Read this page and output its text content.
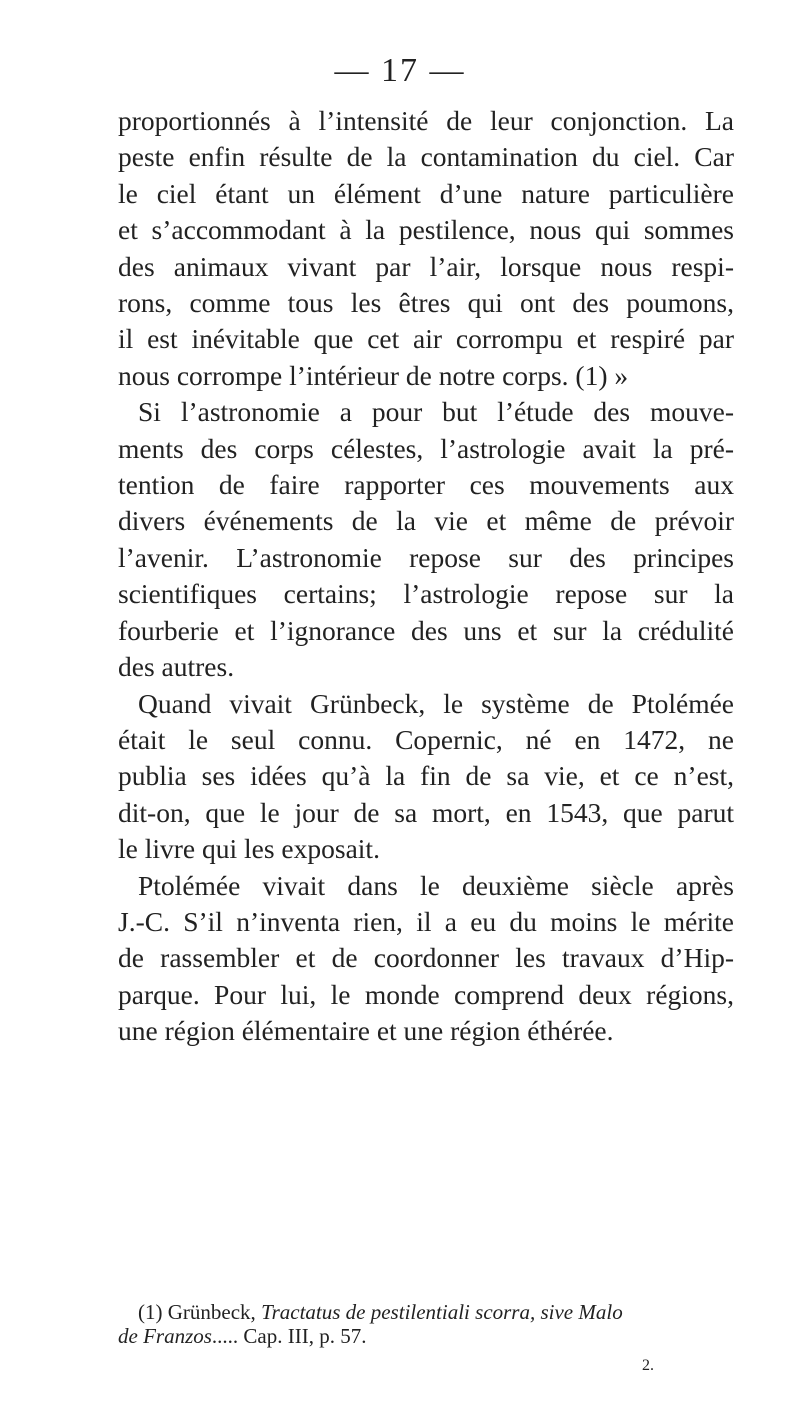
— 17 —
proportionnés à l’intensité de leur conjonction. La
peste enfin résulte de la contamination du ciel. Car
le ciel étant un élément d’une nature particulière
et s’accommodant à la pestilence, nous qui sommes
des animaux vivant par l’air, lorsque nous respi-
rons, comme tous les êtres qui ont des poumons,
il est inévitable que cet air corrompu et respiré par
nous corrompe l’intérieur de notre corps. (1) »
Si l’astronomie a pour but l’étude des mouve-
ments des corps célestes, l’astrologie avait la pré-
tention de faire rapporter ces mouvements aux
divers événements de la vie et même de prévoir
l’avenir. L’astronomie repose sur des principes
scientifiques certains; l’astrologie repose sur la
fourberie et l’ignorance des uns et sur la crédulité
des autres.
Quand vivait Grünbeck, le système de Ptolémée
était le seul connu. Copernic, né en 1472, ne
publia ses idées qu’à la fin de sa vie, et ce n’est,
dit-on, que le jour de sa mort, en 1543, que parut
le livre qui les exposait.
Ptolémée vivait dans le deuxième siècle après
J.-C. S’il n’inventa rien, il a eu du moins le mérite
de rassembler et de coordonner les travaux d’Hip-
parque. Pour lui, le monde comprend deux régions,
une région élémentaire et une région éthérée.
(1) Grünbeck, Tractatus de pestilentiali scorra, sive Malo
de Franzos..... Cap. III, p. 57.
2.
